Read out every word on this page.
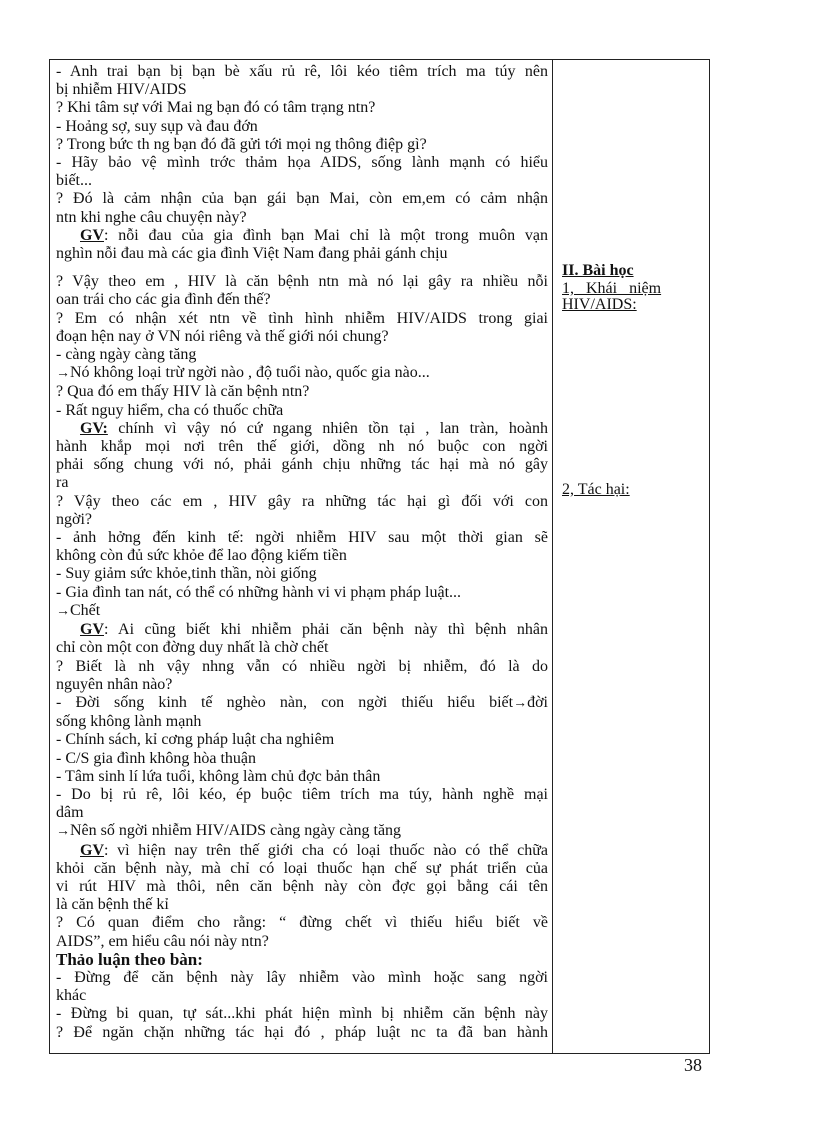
- Anh trai bạn bị bạn bè xấu rủ rê, lôi kéo tiêm trích ma túy nên
bị nhiễm HIV/AIDS
? Khi tâm sự với Mai ng bạn đó có tâm trạng ntn?
- Hoảng sợ, suy sụp và đau đớn
? Trong bức th ng bạn đó đã gửi tới mọi ng thông điệp gì?
- Hãy bảo vệ mình trớc thảm họa AIDS, sống lành mạnh có hiểu
biết...
? Đó là cảm nhận của bạn gái bạn Mai, còn em,em có cảm nhận
ntn khi nghe câu chuyện này?
GV: nỗi đau của gia đình bạn Mai chỉ là một trong muôn vạn
nghìn nỗi đau mà các gia đình Việt Nam đang phải gánh chịu
? Vậy theo em , HIV là căn bệnh ntn mà nó lại gây ra nhiều nỗi
oan trái cho các gia đình đến thế?
? Em có nhận xét ntn về tình hình nhiễm HIV/AIDS trong giai
đoạn hện nay ở VN nói riêng và thế giới nói chung?
- càng ngày càng tăng
→Nó không loại trừ ngời nào , độ tuổi nào, quốc gia nào...
? Qua đó em thấy HIV là căn bệnh ntn?
- Rất nguy hiểm, cha có thuốc chữa
GV: chính vì vậy nó cứ ngang nhiên tồn tại , lan tràn, hoành
hành khắp mọi nơi trên thế giới, dồng nh nó buộc con ngời
phải sống chung với nó, phải gánh chịu những tác hại mà nó gây
ra
? Vậy theo các em , HIV gây ra những tác hại gì đối với con
ngời?
- ảnh hởng đến kinh tế: ngời nhiễm HIV sau một thời gian sẽ
không còn đủ sức khỏe để lao động kiếm tiền
- Suy giảm sức khỏe,tinh thần, nòi giống
- Gia đình tan nát, có thể có những hành vi vi phạm pháp luật...
→Chết
GV: Ai cũng biết khi nhiễm phải căn bệnh này thì bệnh nhân
chỉ còn một con đờng duy nhất là chờ chết
? Biết là nh vậy nhng vẫn có nhiều ngời bị nhiễm, đó là do
nguyên nhân nào?
- Đời sống kinh tế nghèo nàn, con ngời thiếu hiểu biết→đời
sống không lành mạnh
- Chính sách, kỉ cơng pháp luật cha nghiêm
- C/S gia đình không hòa thuận
- Tâm sinh lí lứa tuổi, không làm chủ đợc bản thân
- Do bị rủ rê, lôi kéo, ép buộc tiêm trích ma túy, hành nghề mại
dâm
→Nên số ngời nhiễm HIV/AIDS càng ngày càng tăng
GV: vì hiện nay trên thế giới cha có loại thuốc nào có thể chữa
khỏi căn bệnh này, mà chỉ có loại thuốc hạn chế sự phát triển của
vi rút HIV mà thôi, nên căn bệnh này còn đợc gọi bằng cái tên
là căn bệnh thế kỉ
? Có quan điểm cho rằng: “ đừng chết vì thiếu hiểu biết về
AIDS”, em hiểu câu nói này ntn?
Thảo luận theo bàn:
- Đừng để căn bệnh này lây nhiễm vào mình hoặc sang ngời
khác
- Đừng bi quan, tự sát...khi phát hiện mình bị nhiễm căn bệnh này
? Để ngăn chặn những tác hại đó , pháp luật nc ta đã ban hành
II. Bài học
1,   Khái   niệm
HIV/AIDS:
2, Tác hại:
38
